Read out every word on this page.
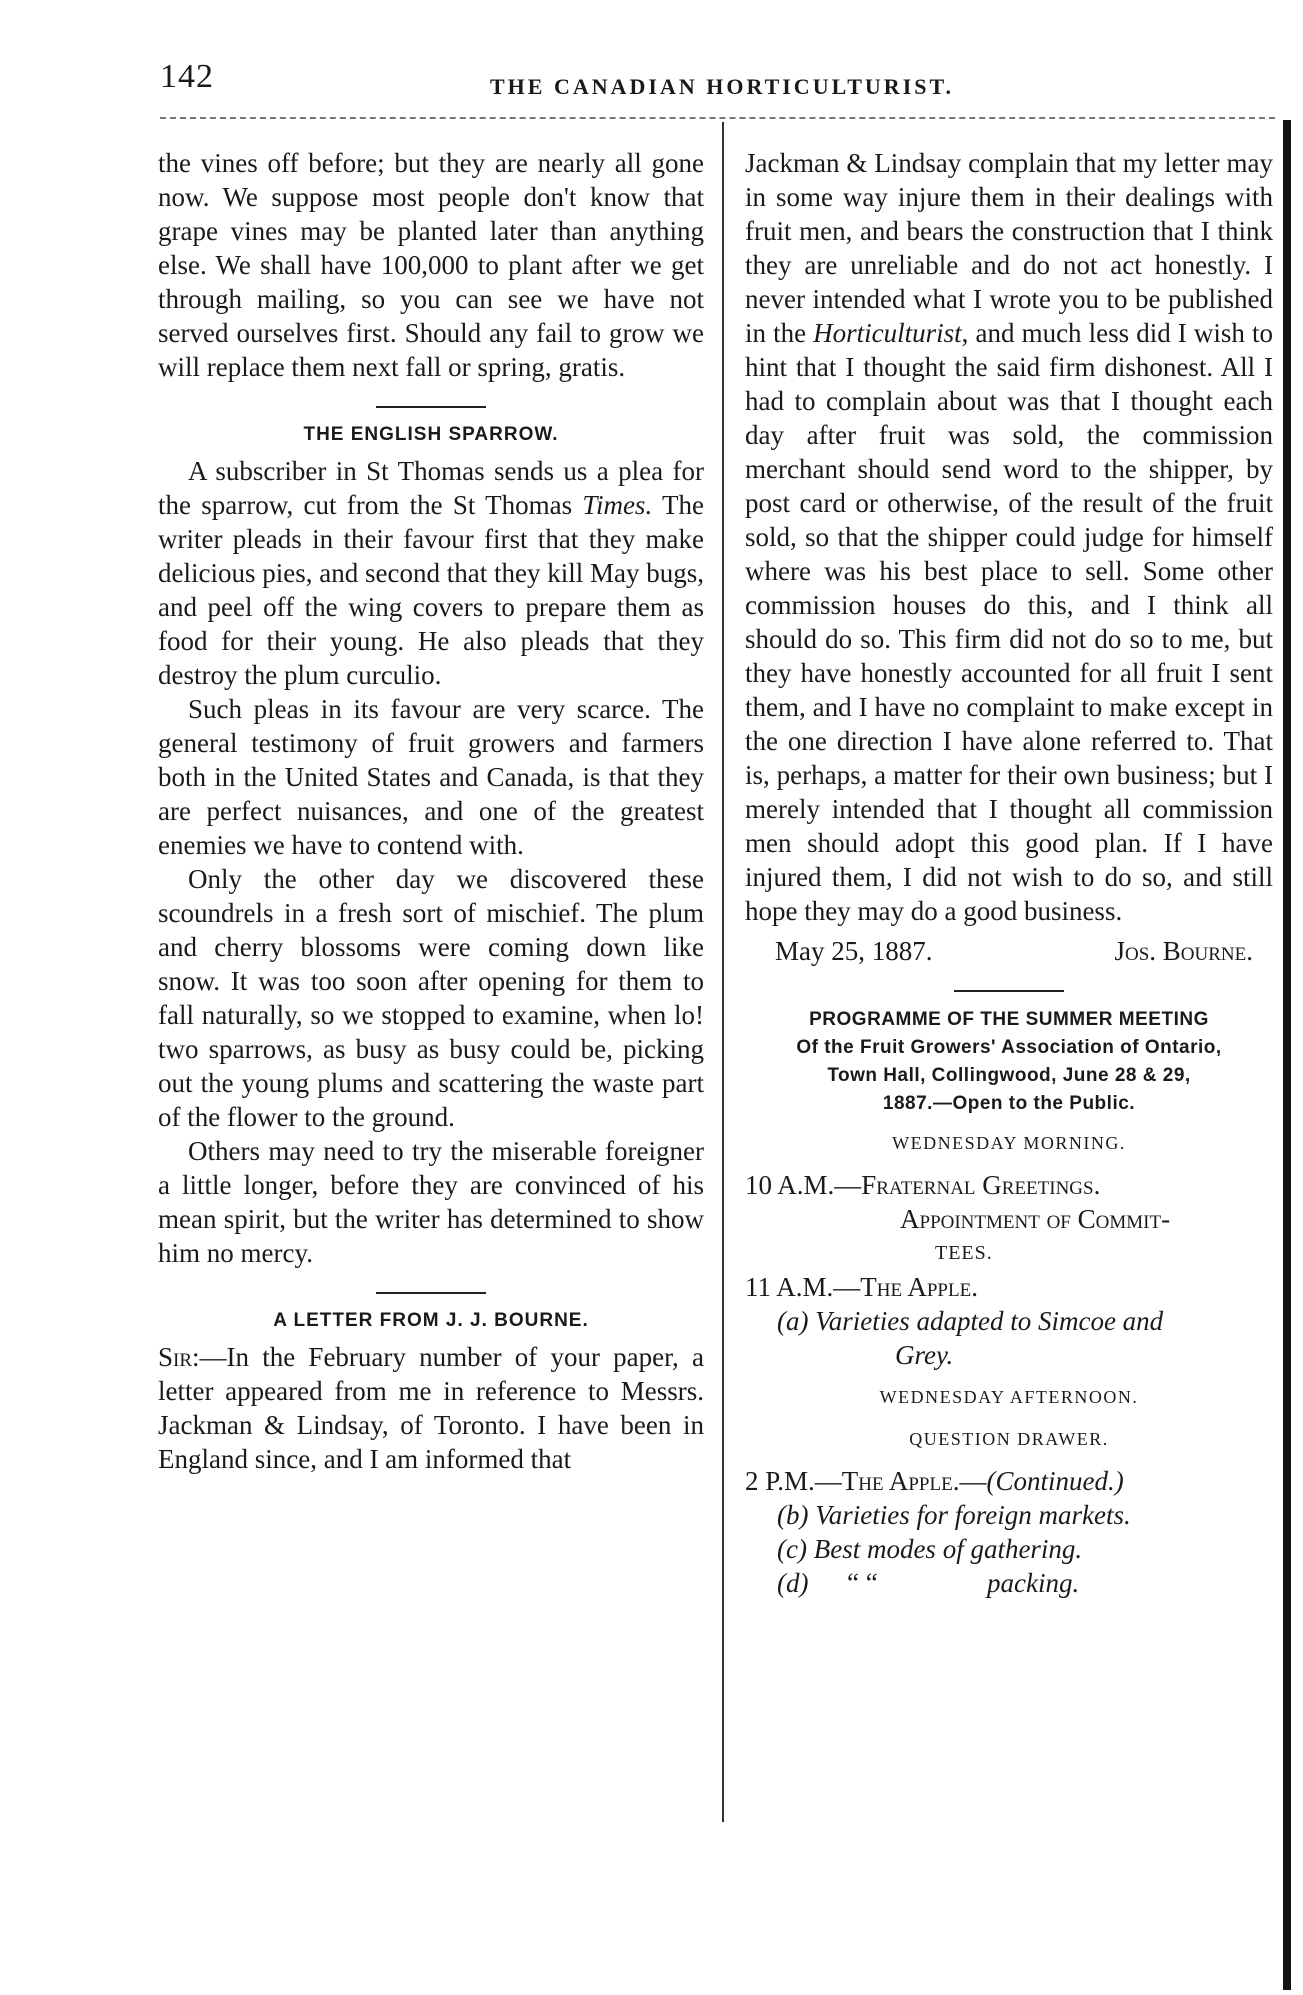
142	THE CANADIAN HORTICULTURIST.

the vines off before; but they are nearly all gone now. We suppose most people don't know that grape vines may be planted later than anything else. We shall have 100,000 to plant after we get through mailing, so you can see we have not served ourselves first. Should any fail to grow we will replace them next fall or spring, gratis.

THE ENGLISH SPARROW.

A subscriber in St Thomas sends us a plea for the sparrow, cut from the St Thomas Times. The writer pleads in their favour first that they make delicious pies, and second that they kill May bugs, and peel off the wing covers to prepare them as food for their young. He also pleads that they destroy the plum curculio.

Such pleas in its favour are very scarce. The general testimony of fruit growers and farmers both in the United States and Canada, is that they are perfect nuisances, and one of the greatest enemies we have to contend with.

Only the other day we discovered these scoundrels in a fresh sort of mischief. The plum and cherry blossoms were coming down like snow. It was too soon after opening for them to fall naturally, so we stopped to examine, when lo! two sparrows, as busy as busy could be, picking out the young plums and scattering the waste part of the flower to the ground.

Others may need to try the miserable foreigner a little longer, before they are convinced of his mean spirit, but the writer has determined to show him no mercy.

A LETTER FROM J. J. BOURNE.

Sir:—In the February number of your paper, a letter appeared from me in reference to Messrs. Jackman & Lindsay, of Toronto. I have been in England since, and I am informed that

Jackman & Lindsay complain that my letter may in some way injure them in their dealings with fruit men, and bears the construction that I think they are unreliable and do not act honestly. I never intended what I wrote you to be published in the Horticulturist, and much less did I wish to hint that I thought the said firm dishonest. All I had to complain about was that I thought each day after fruit was sold, the commission merchant should send word to the shipper, by post card or otherwise, of the result of the fruit sold, so that the shipper could judge for himself where was his best place to sell. Some other commission houses do this, and I think all should do so. This firm did not do so to me, but they have honestly accounted for all fruit I sent them, and I have no complaint to make except in the one direction I have alone referred to. That is, perhaps, a matter for their own business; but I merely intended that I thought all commission men should adopt this good plan. If I have injured them, I did not wish to do so, and still hope they may do a good business.

May 25, 1887.	Jos. Bourne.
PROGRAMME OF THE SUMMER MEETING
Of the Fruit Growers' Association of Ontario,
Town Hall, Collingwood, June 28 & 29,
1887.—Open to the Public.
WEDNESDAY MORNING.
10 A.M.—Fraternal Greetings.
Appointment of Commit-
TEES.
11 A.M.—The Apple.
(a) Varieties adapted to Simcoe and
Grey.
WEDNESDAY AFTERNOON.
QUESTION DRAWER.
2 P.M.—The Apple.—(Continued.)
(b) Varieties for foreign markets.
(c) Best modes of gathering.
(d)	“ “	packing.
